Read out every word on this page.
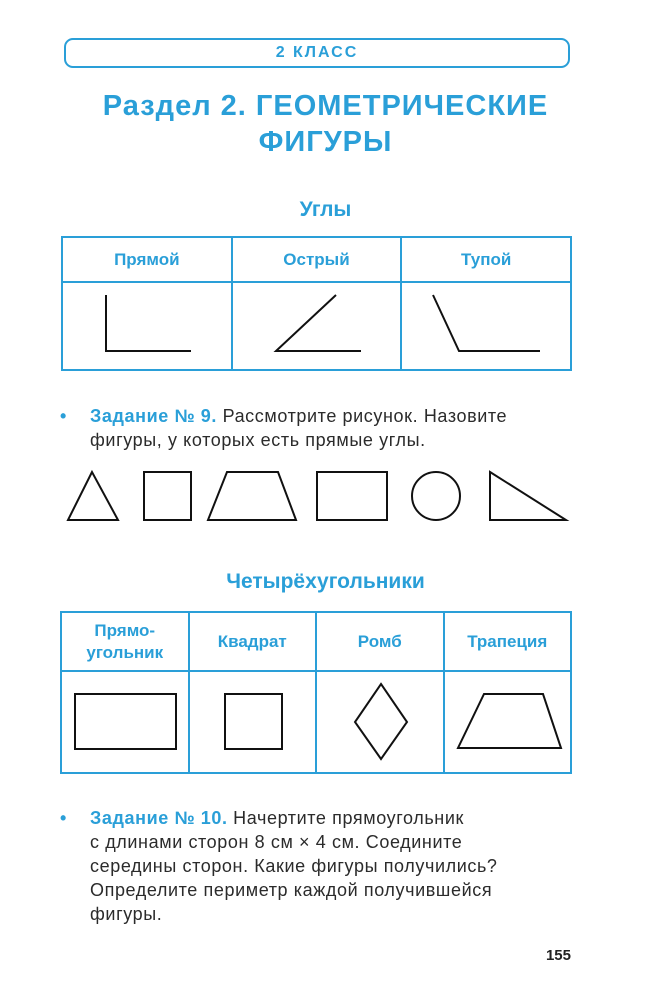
2 КЛАСС
Раздел 2. ГЕОМЕТРИЧЕСКИЕ
ФИГУРЫ
Углы
Прямой	Острый	Тупой

•	Задание № 9. Рассмотрите рисунок. Назовите
фигуры, у которых есть прямые углы.
Четырёхугольники
Прямо-
угольник	Квадрат	Ромб	Трапеция

•	Задание № 10. Начертите прямоугольник
с длинами сторон 8 см × 4 см. Соедините
середины сторон. Какие фигуры получились?
Определите периметр каждой получившейся
фигуры.
155
